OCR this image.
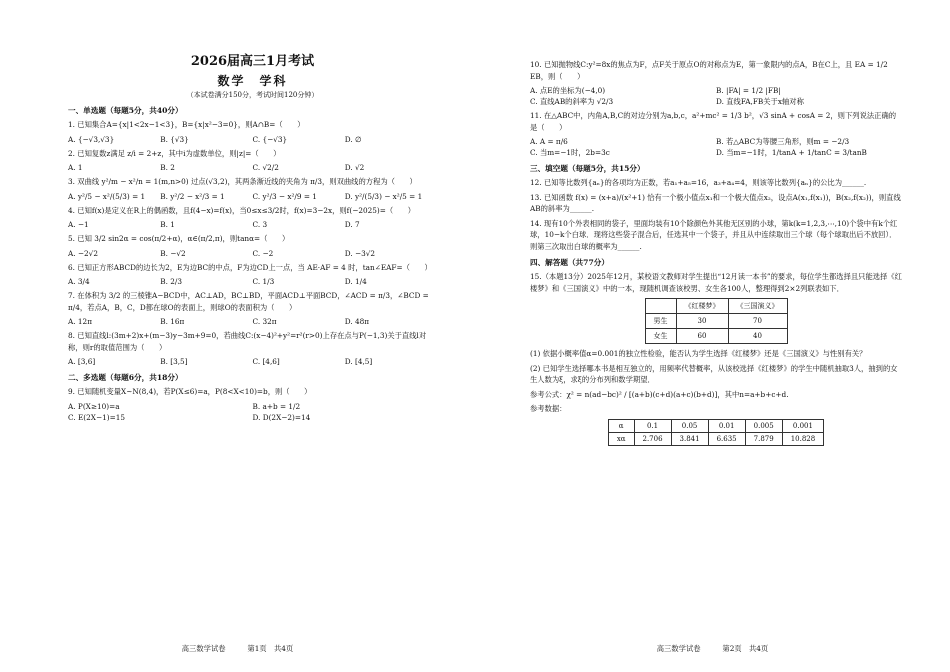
2026届高三1月考试
数学　学科
（本试卷满分150分，考试时间120分钟）
一、单选题（每题5分，共40分）
1. 已知集合A={x|1<2x−1<3}，B={x|x²−3=0}，则A∩B=（　　）
A. {−√3,√3}	B. {√3}	C. {−√3}	D. ∅
2. 已知复数z满足 z/i = 2+z，其中i为虚数单位，则|z|=（　　）
A. 1	B. 2	C. √2/2	D. √2
3. 双曲线 y²/m − x²/n = 1(m,n>0) 过点(√3,2)，其两条渐近线的夹角为 π/3，则双曲线的方程为（　　）
A. y²/5 − x²/(5/3) = 1	B. y²/2 − x²/3 = 1	C. y²/3 − x²/9 = 1	D. y²/(5/3) − x²/5 = 1
4. 已知f(x)是定义在R上的偶函数，且f(4−x)=f(x)，当0≤x≤3/2时，f(x)=3−2x，则f(−2025)=（　　）
A. −1	B. 1	C. 3	D. 7
5. 已知 3/2 sin2α = cos(π/2+α)，α∈(π/2,π)，则tanα=（　　）
A. −2√2	B. −√2	C. −2	D. −3√2
6. 已知正方形ABCD的边长为2，E为边BC的中点，F为边CD上一点，当 AE·AF = 4 时，tan∠EAF=（　　）
A. 3/4	B. 2/3	C. 1/3	D. 1/4
7. 在体积为 3/2 的三棱锥A−BCD中，AC⊥AD，BC⊥BD，平面ACD⊥平面BCD，∠ACD = π/3，∠BCD = π/4，若点A，B，C，D都在球O的表面上，则球O的表面积为（　　）
A. 12π	B. 16π	C. 32π	D. 48π
8. 已知直线l:(3m+2)x+(m−3)y−3m+9=0，若曲线C:(x−4)²+y²=r²(r>0)上存在点与P(−1,3)关于直线l对称，则r的取值范围为（　　）
A. [3,6]	B. [3,5]	C. [4,6]	D. [4,5]
二、多选题（每题6分，共18分）
9. 已知随机变量X~N(8,4)，若P(X≤6)=a，P(8<X<10)=b，则（　　）
A. P(X≥10)=a	B. a+b = 1/2
C. E(2X−1)=15	D. D(2X−2)=14
高三数学试卷　　　第1页　共4页
10. 已知抛物线C:y²=8x的焦点为F，点F关于原点O的对称点为E，第一象限内的点A，B在C上，且 EA = 1/2 EB，则（　　）
A. 点E的坐标为(−4,0)	B. |FA| = 1/2 |FB|
C. 直线AB的斜率为 √2/3	D. 直线FA,FB关于x轴对称
11. 在△ABC中，内角A,B,C的对边分别为a,b,c，a²+mc² = 1/3 b²，√3 sinA + cosA = 2，则下列说法正确的是（　　）
A. A = π/6	B. 若△ABC为等腰三角形，则m = −2/3
C. 当m=−1时，2b=3c	D. 当m=−1时，1/tanA + 1/tanC = 3/tanB
三、填空题（每题5分，共15分）
12. 已知等比数列{aₙ}的各项均为正数，若a₁+a₅=16，a₃+a₄=4，则该等比数列{aₙ}的公比为______.
13. 已知函数 f(x) = (x+a)/(x²+1) 恰有一个极小值点x₁和一个极大值点x₂，设点A(x₁,f(x₁))，B(x₂,f(x₂))，则直线AB的斜率为______.
14. 现有10个外表相同的袋子，里面均装有10个除颜色外其他无区别的小球，第k(k=1,2,3,⋯,10)个袋中有k个红球，10−k个白球．现将这些袋子混合后，任选其中一个袋子，并且从中连续取出三个球（每个球取出后不放回）．则第三次取出白球的概率为______.
四、解答题（共77分）
15.（本题13分）2025年12月，某校语文教师对学生提出“12月读一本书”的要求，每位学生都选择且只能选择《红楼梦》和《三国演义》中的一本，现随机调查该校男、女生各100人，整理得到2×2列联表如下．
	《红楼梦》	《三国演义》
男生	30	70
女生	60	40
(1) 依据小概率值α=0.001的独立性检验，能否认为学生选择《红楼梦》还是《三国演义》与性别有关？
(2) 已知学生选择哪本书是相互独立的，用频率代替概率，从该校选择《红楼梦》的学生中随机抽取3人，抽到的女生人数为ξ，求ξ的分布列和数学期望．
参考公式：χ² = n(ad−bc)² / [(a+b)(c+d)(a+c)(b+d)]，其中n=a+b+c+d.
参考数据：
α	0.1	0.05	0.01	0.005	0.001
xα	2.706	3.841	6.635	7.879	10.828
高三数学试卷　　　第2页　共4页
